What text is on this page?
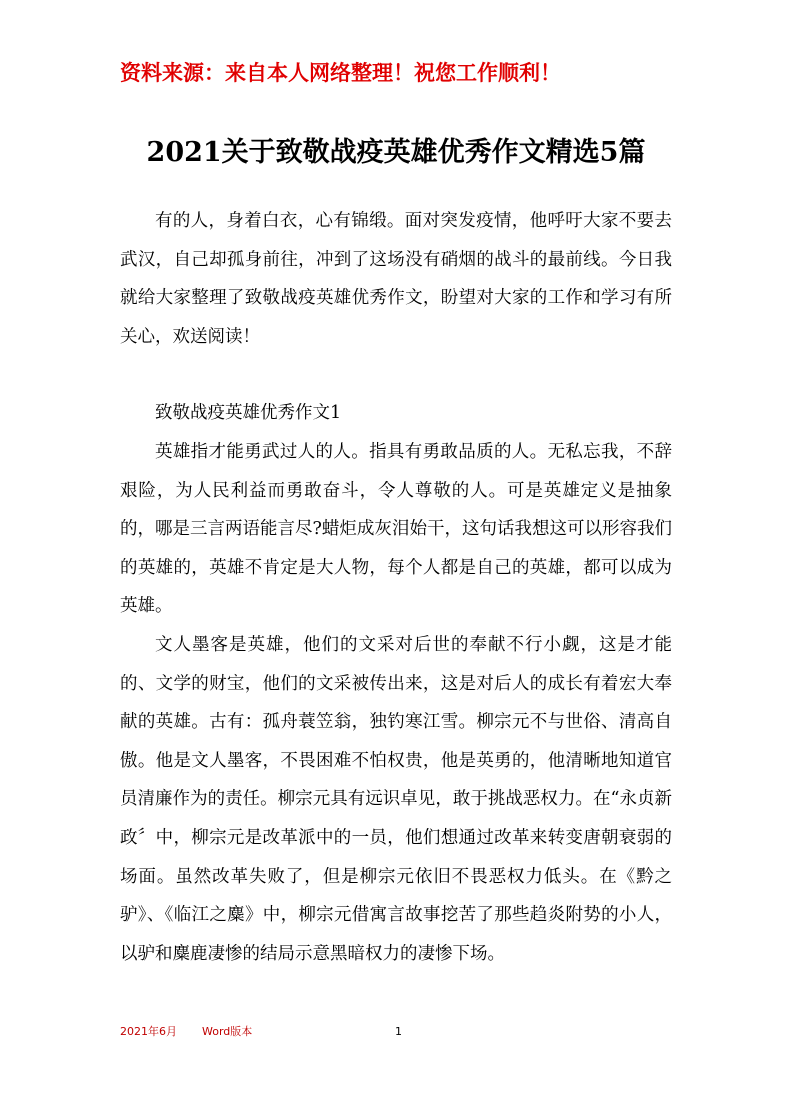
资料来源：来自本人网络整理！祝您工作顺利！
2021关于致敬战疫英雄优秀作文精选5篇

有的人，身着白衣，心有锦缎。面对突发疫情，他呼吁大家不要去武汉，自己却孤身前往，冲到了这场没有硝烟的战斗的最前线。今日我就给大家整理了致敬战疫英雄优秀作文，盼望对大家的工作和学习有所关心，欢送阅读！

致敬战疫英雄优秀作文1

英雄指才能勇武过人的人。指具有勇敢品质的人。无私忘我，不辞艰险，为人民利益而勇敢奋斗，令人尊敬的人。可是英雄定义是抽象的，哪是三言两语能言尽?蜡炬成灰泪始干，这句话我想这可以形容我们的英雄的，英雄不肯定是大人物，每个人都是自己的英雄，都可以成为英雄。

文人墨客是英雄，他们的文采对后世的奉献不行小觑，这是才能的、文学的财宝，他们的文采被传出来，这是对后人的成长有着宏大奉献的英雄。古有：孤舟蓑笠翁，独钓寒江雪。柳宗元不与世俗、清高自傲。他是文人墨客，不畏困难不怕权贵，他是英勇的，他清晰地知道官员清廉作为的责任。柳宗元具有远识卓见，敢于挑战恶权力。在“永贞新政〞中，柳宗元是改革派中的一员，他们想通过改革来转变唐朝衰弱的场面。虽然改革失败了，但是柳宗元依旧不畏恶权力低头。在《黔之驴》、《临江之麋》中，柳宗元借寓言故事挖苦了那些趋炎附势的小人，以驴和麋鹿凄惨的结局示意黑暗权力的凄惨下场。

2021年6月 Word版本	1
